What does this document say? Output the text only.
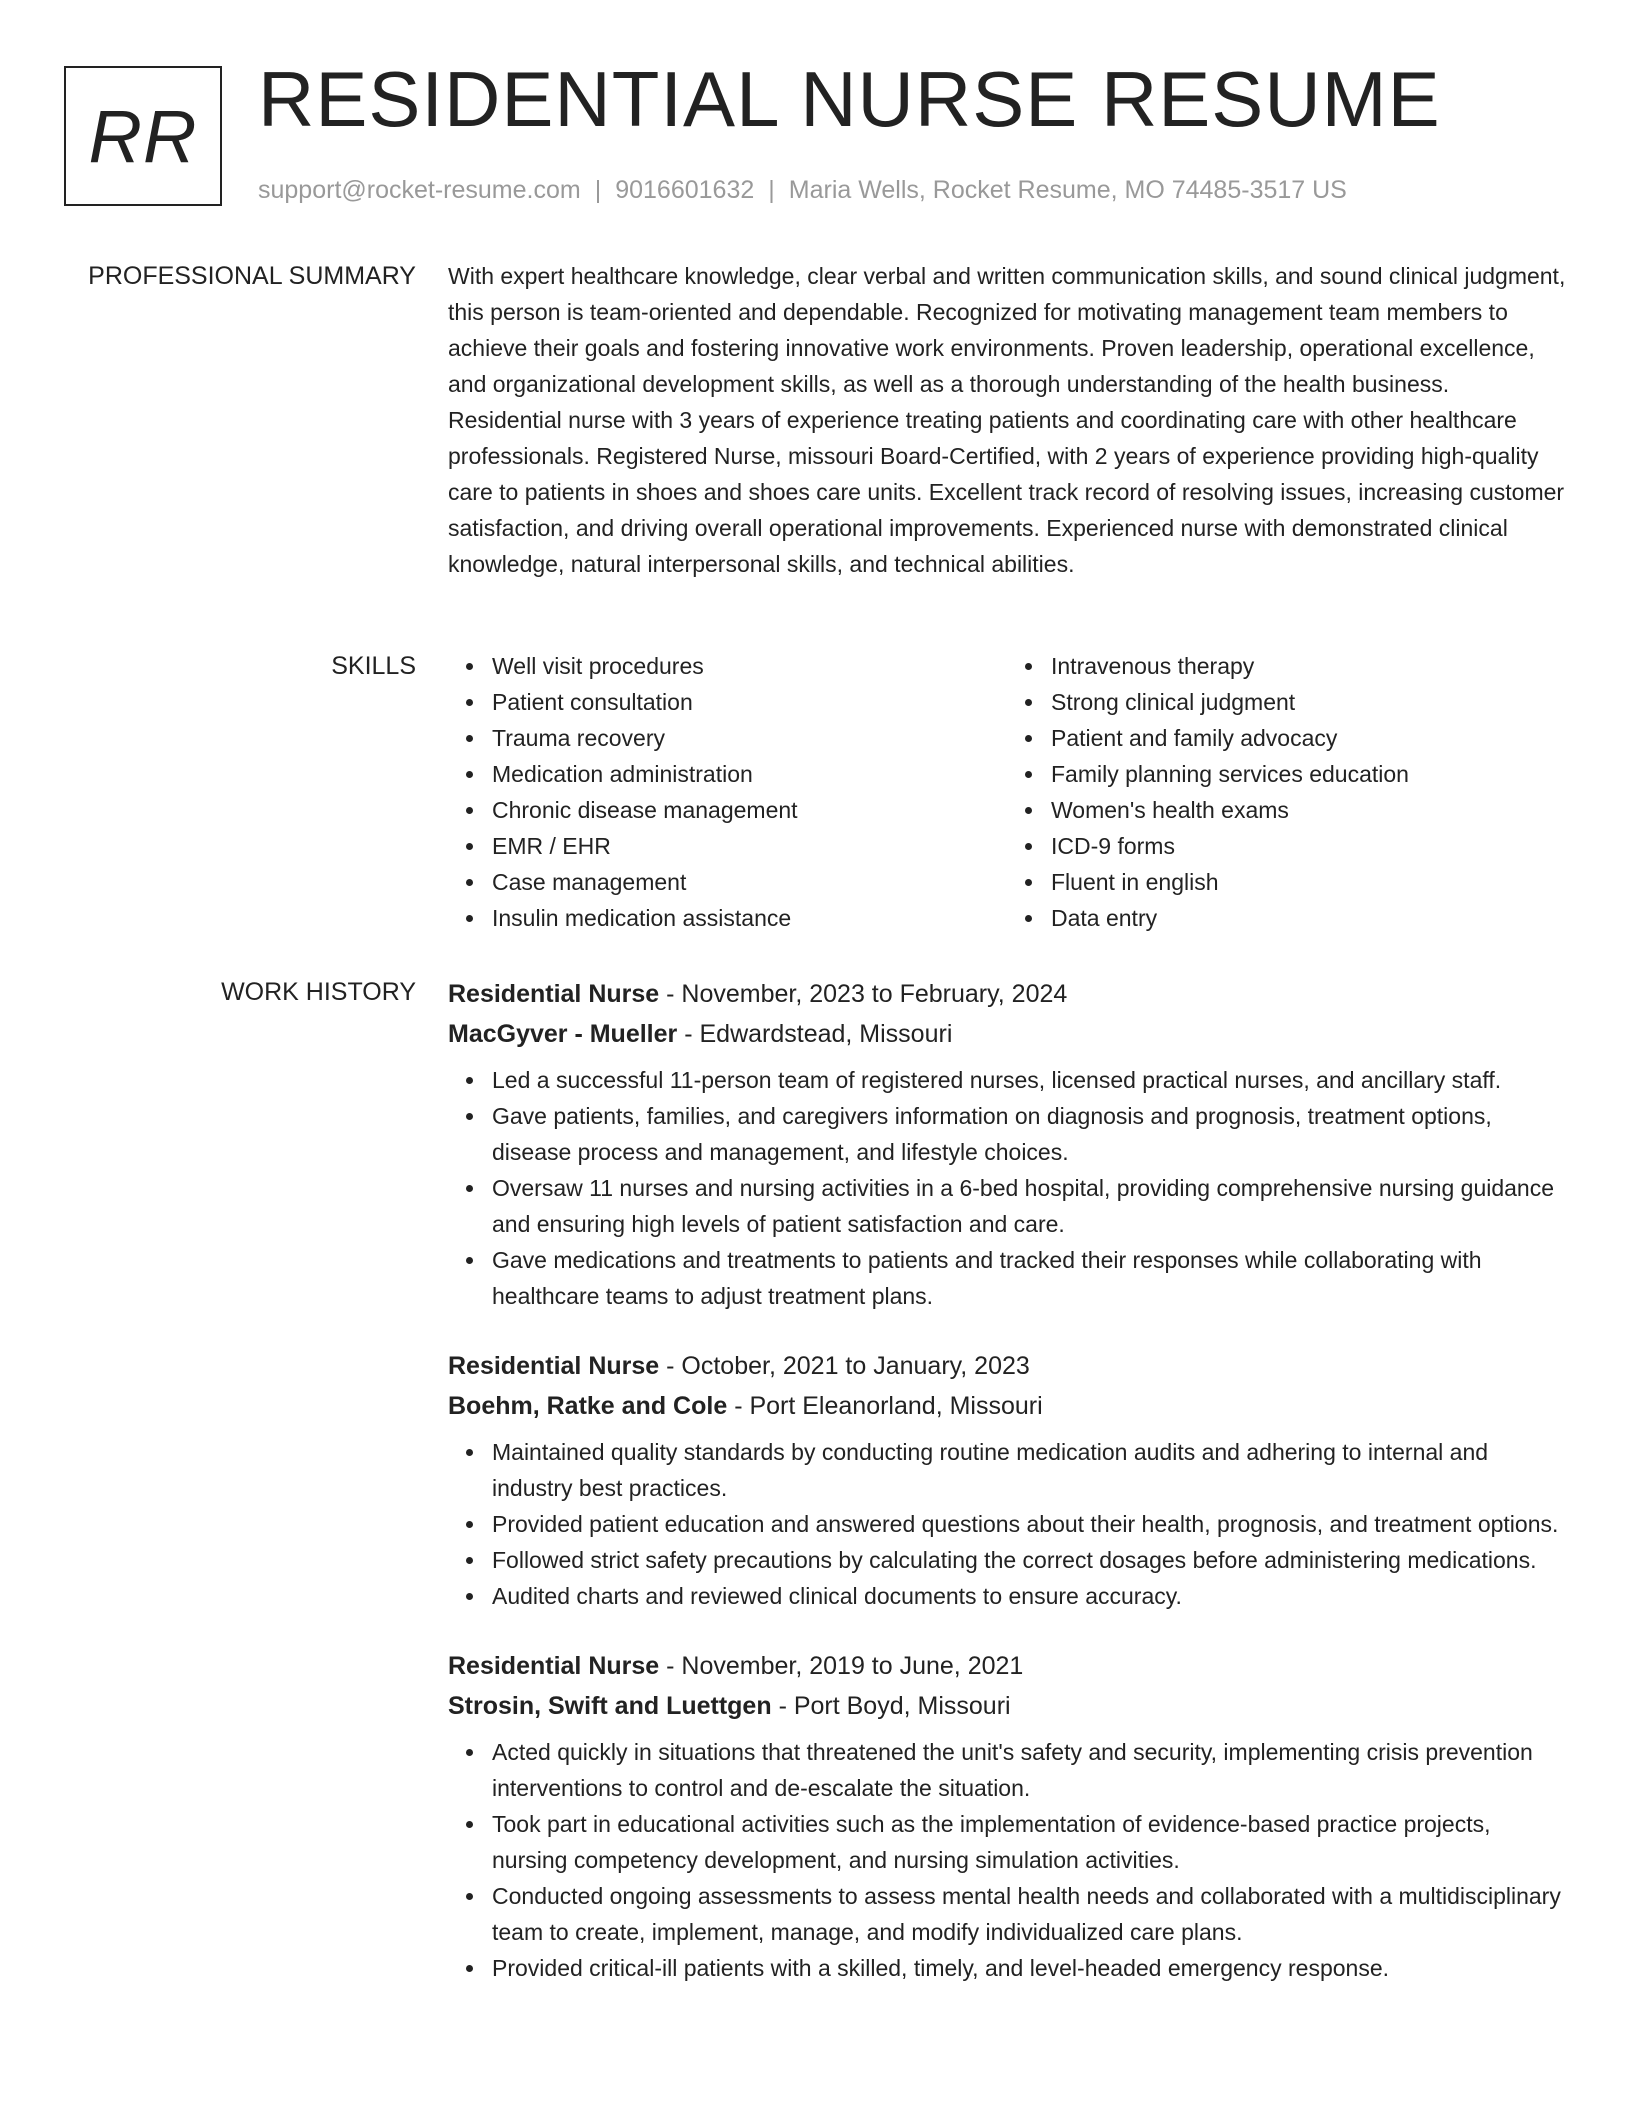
RR RESIDENTIAL NURSE RESUME
support@rocket-resume.com | 9016601632 | Maria Wells, Rocket Resume, MO 74485-3517 US
PROFESSIONAL SUMMARY With expert healthcare knowledge, clear verbal and written communication skills, and sound clinical judgment, this person is team-oriented and dependable. Recognized for motivating management team members to achieve their goals and fostering innovative work environments. Proven leadership, operational excellence, and organizational development skills, as well as a thorough understanding of the health business. Residential nurse with 3 years of experience treating patients and coordinating care with other healthcare professionals. Registered Nurse, missouri Board-Certified, with 2 years of experience providing high-quality care to patients in shoes and shoes care units. Excellent track record of resolving issues, increasing customer satisfaction, and driving overall operational improvements. Experienced nurse with demonstrated clinical knowledge, natural interpersonal skills, and technical abilities.

SKILLS	Well visit procedures
Patient consultation
Trauma recovery
Medication administration
Chronic disease management
EMR / EHR
Case management
Insulin medication assistance
Intravenous therapy
Strong clinical judgment
Patient and family advocacy
Family planning services education
Women's health exams
ICD-9 forms
Fluent in english
Data entry
WORK HISTORY Residential Nurse - November, 2023 to February, 2024
MacGyver - Mueller - Edwardstead, Missouri
Led a successful 11-person team of registered nurses, licensed practical nurses, and ancillary staff.
Gave patients, families, and caregivers information on diagnosis and prognosis, treatment options, disease process and management, and lifestyle choices.
Oversaw 11 nurses and nursing activities in a 6-bed hospital, providing comprehensive nursing guidance and ensuring high levels of patient satisfaction and care.
Gave medications and treatments to patients and tracked their responses while collaborating with healthcare teams to adjust treatment plans.
Residential Nurse - October, 2021 to January, 2023
Boehm, Ratke and Cole - Port Eleanorland, Missouri
Maintained quality standards by conducting routine medication audits and adhering to internal and industry best practices.
Provided patient education and answered questions about their health, prognosis, and treatment options.
Followed strict safety precautions by calculating the correct dosages before administering medications.
Audited charts and reviewed clinical documents to ensure accuracy.
Residential Nurse - November, 2019 to June, 2021
Strosin, Swift and Luettgen - Port Boyd, Missouri
Acted quickly in situations that threatened the unit's safety and security, implementing crisis prevention interventions to control and de-escalate the situation.
Took part in educational activities such as the implementation of evidence-based practice projects, nursing competency development, and nursing simulation activities.
Conducted ongoing assessments to assess mental health needs and collaborated with a multidisciplinary team to create, implement, manage, and modify individualized care plans.
Provided critical-ill patients with a skilled, timely, and level-headed emergency response.
